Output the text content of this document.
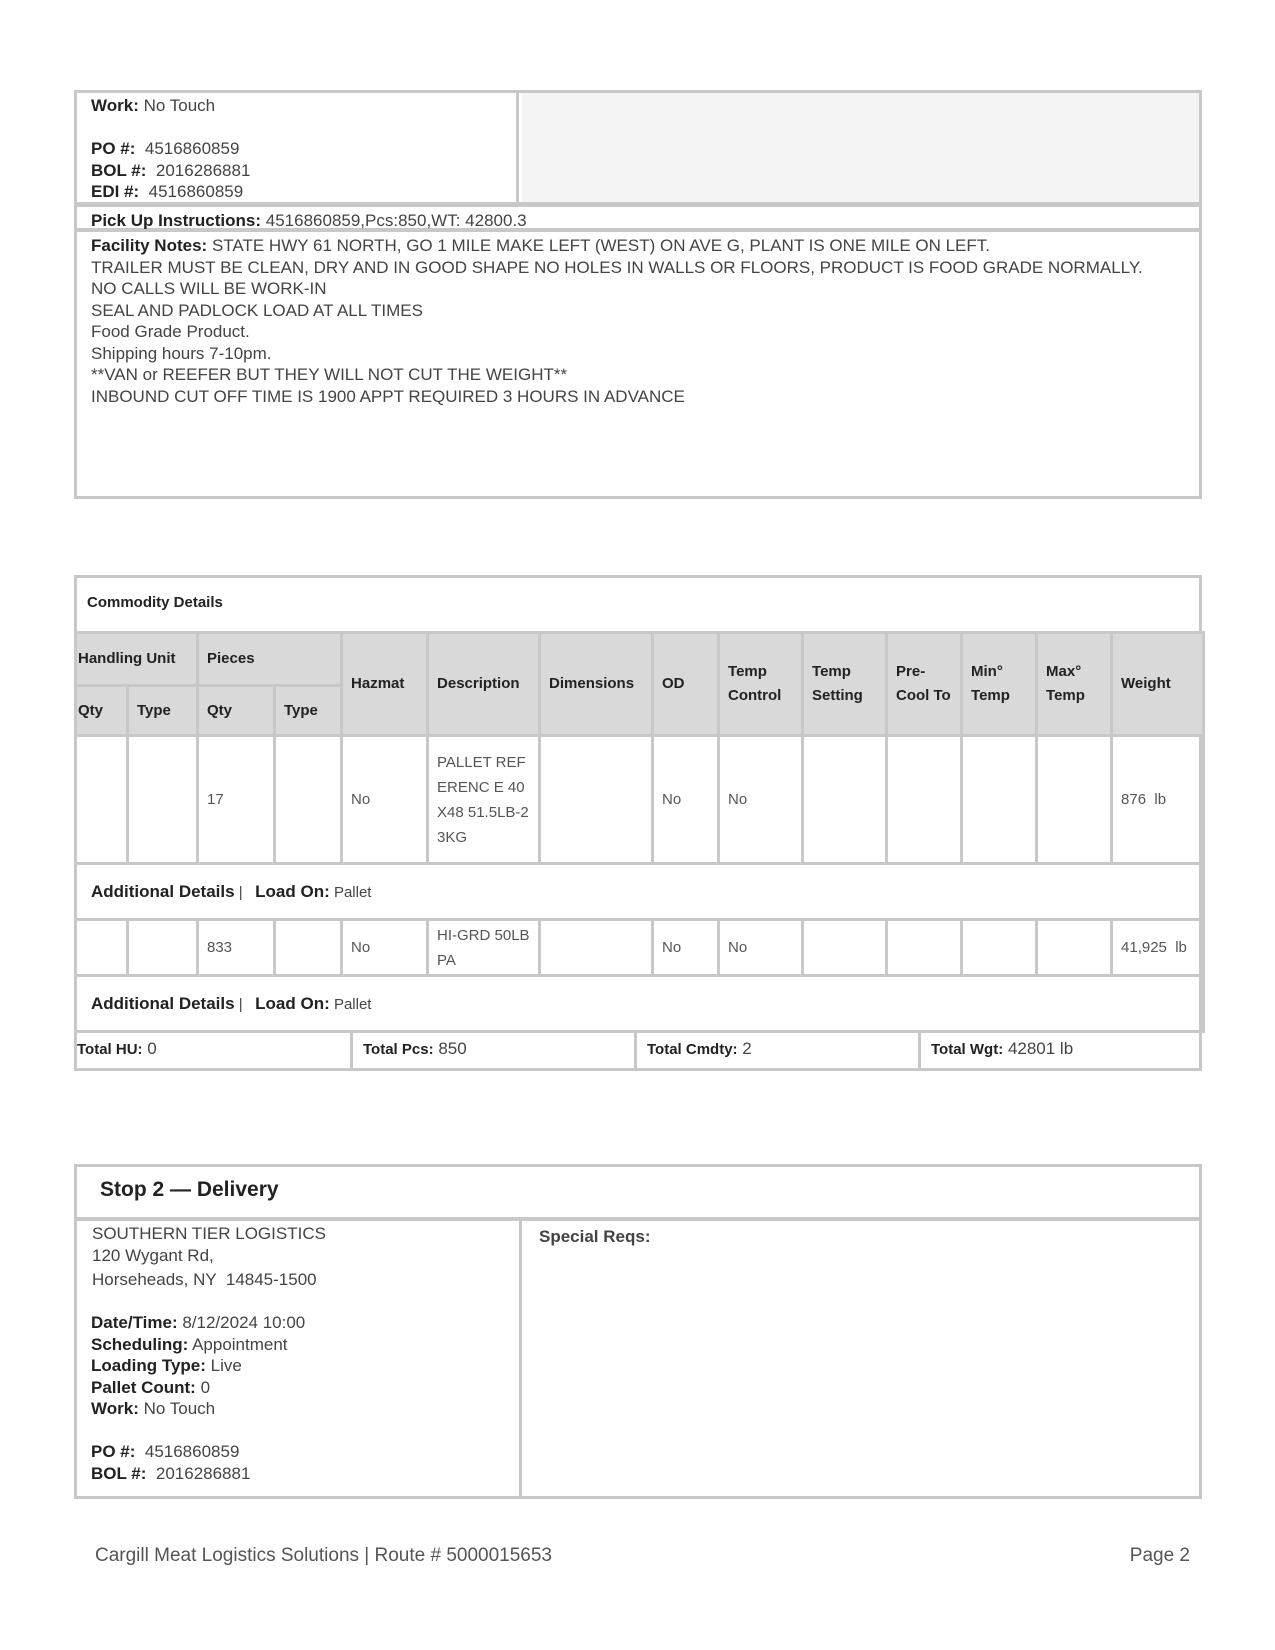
Work: No Touch

PO #: 4516860859
BOL #: 2016286881
EDI #: 4516860859
Pick Up Instructions: 4516860859,Pcs:850,WT: 42800.3
Facility Notes: STATE HWY 61 NORTH, GO 1 MILE MAKE LEFT (WEST) ON AVE G, PLANT IS ONE MILE ON LEFT.
TRAILER MUST BE CLEAN, DRY AND IN GOOD SHAPE NO HOLES IN WALLS OR FLOORS, PRODUCT IS FOOD GRADE NORMALLY.
NO CALLS WILL BE WORK-IN
SEAL AND PADLOCK LOAD AT ALL TIMES
Food Grade Product.
Shipping hours 7-10pm.
**VAN or REEFER BUT THEY WILL NOT CUT THE WEIGHT**
INBOUND CUT OFF TIME IS 1900 APPT REQUIRED 3 HOURS IN ADVANCE
Commodity Details
Handling Unit		Pieces		Hazmat	Description	Dimensions	OD	Temp Control	Temp Setting	Pre-Cool To	Min° Temp	Max° Temp	Weight
Qty	Type	Qty	Type										
		17		No	PALLET REFERENC E 40X48 51.5LB-23KG		No	No					876  lb
Additional Details |   Load On: Pallet													
		833		No	HI-GRD 50LB PA		No	No					41,925  lb
Additional Details |   Load On: Pallet													
Total HU: 0	Total Pcs: 850	Total Cmdty: 2	Total Wgt: 42801 lb
Stop 2 — Delivery
SOUTHERN TIER LOGISTICS
120 Wygant Rd,
Horseheads, NY  14845-1500

Date/Time: 8/12/2024 10:00
Scheduling: Appointment
Loading Type: Live
Pallet Count: 0
Work: No Touch

PO #: 4516860859
BOL #: 2016286881
Special Reqs:
Cargill Meat Logistics Solutions | Route # 5000015653	Page 2
